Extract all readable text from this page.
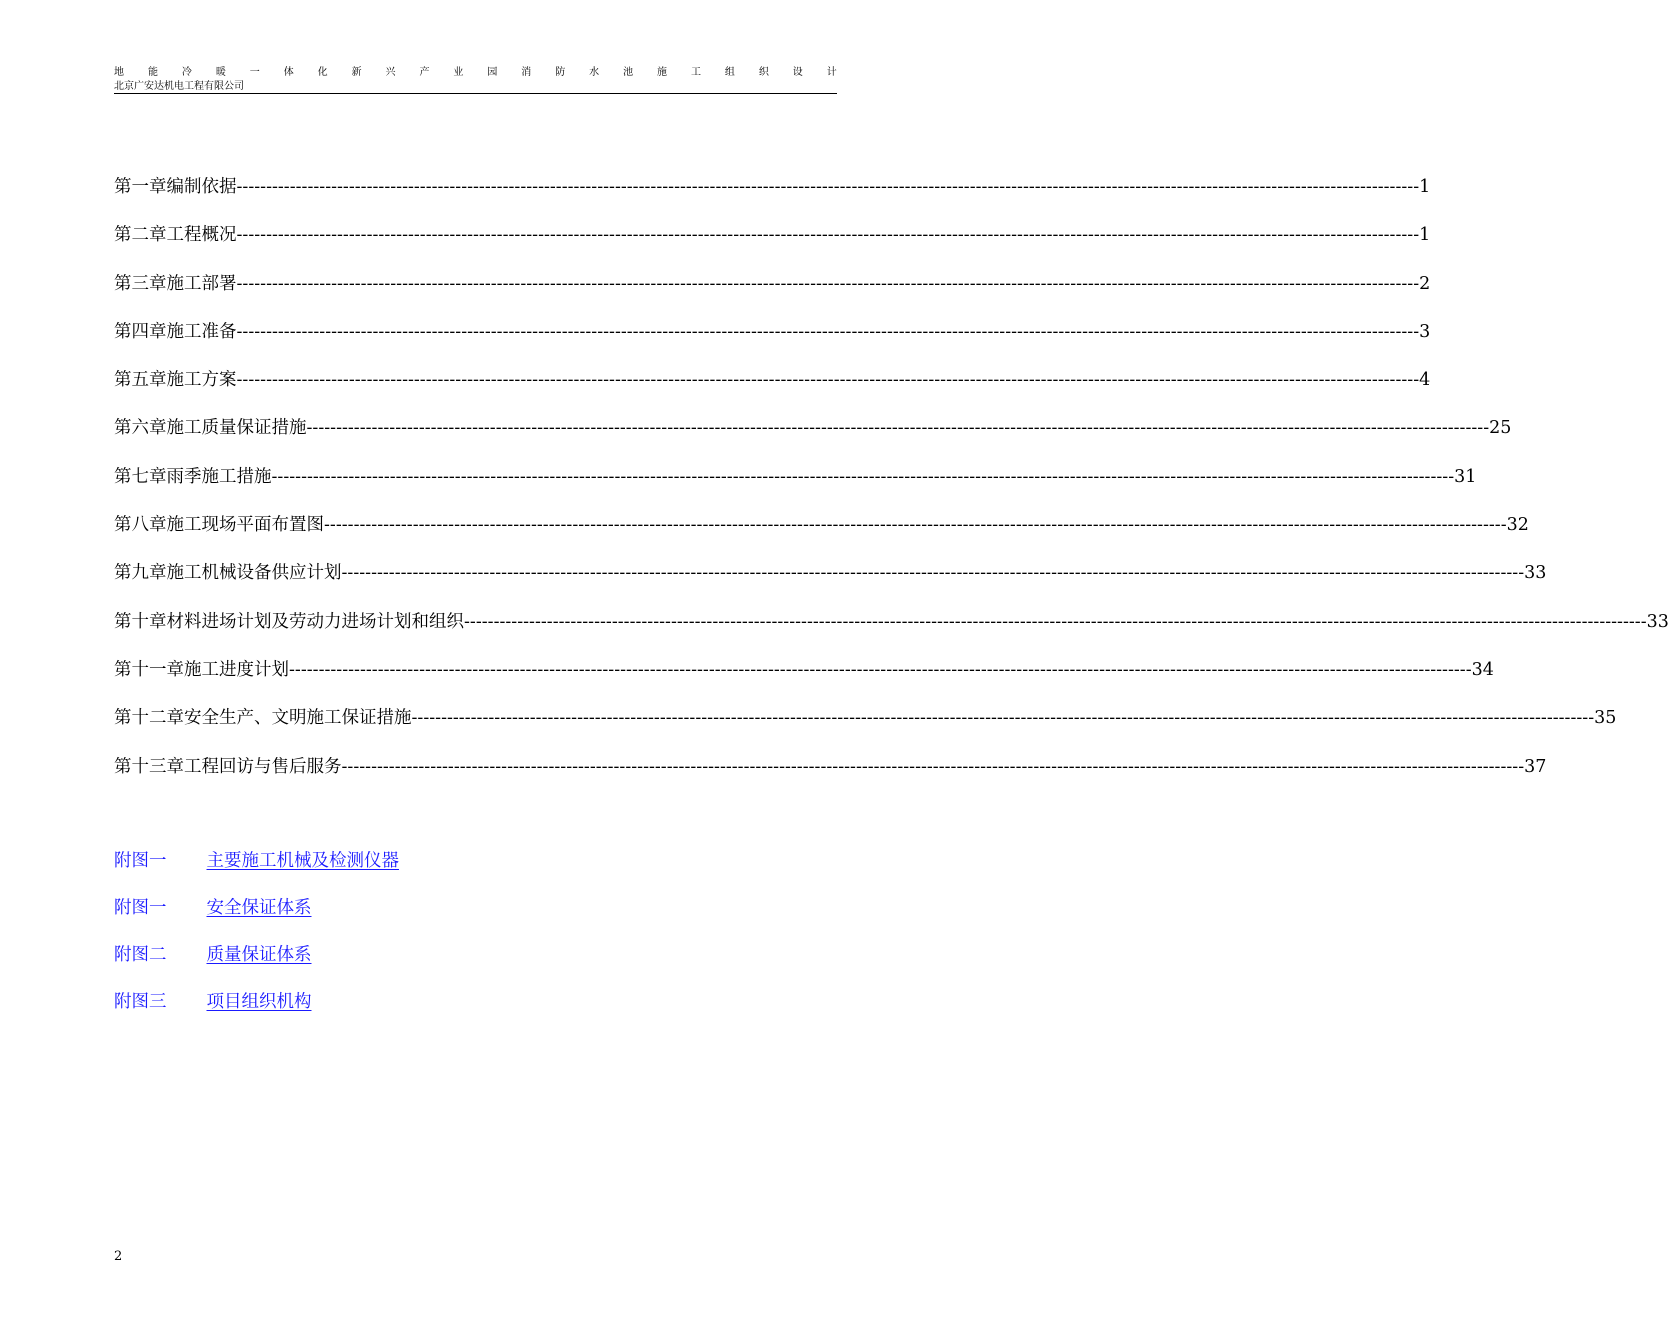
地 能 冷 暖 一 体 化 新 兴 产 业 园 消 防 水 池 施 工 组 织 设 计
北京广安达机电工程有限公司
第一章 编制依据 -------------------------------------------------------------------------------------------------------------------------------------------------------------------------------------------------------- 1
第二章 工程概况 -------------------------------------------------------------------------------------------------------------------------------------------------------------------------------------------------------- 1
第三章 施工部署 -------------------------------------------------------------------------------------------------------------------------------------------------------------------------------------------------------- 2
第四章 施工准备 -------------------------------------------------------------------------------------------------------------------------------------------------------------------------------------------------------- 3
第五章 施工方案 -------------------------------------------------------------------------------------------------------------------------------------------------------------------------------------------------------- 4
第六章 施工质量保证措施 -------------------------------------------------------------------------------------------------------------------------------------------------------------------------------------------------------- 25
第七章 雨季施工措施 -------------------------------------------------------------------------------------------------------------------------------------------------------------------------------------------------------- 31
第八章 施工现场平面布置图 -------------------------------------------------------------------------------------------------------------------------------------------------------------------------------------------------------- 32
第九章 施工机械设备供应计划 -------------------------------------------------------------------------------------------------------------------------------------------------------------------------------------------------------- 33
第十章 材料进场计划及劳动力进场计划和组织 -------------------------------------------------------------------------------------------------------------------------------------------------------------------------------------------------------- 33
第十一章 施工进度计划 -------------------------------------------------------------------------------------------------------------------------------------------------------------------------------------------------------- 34
第十二章 安全生产、文明施工保证措施 -------------------------------------------------------------------------------------------------------------------------------------------------------------------------------------------------------- 35
第十三章 工程回访与售后服务 -------------------------------------------------------------------------------------------------------------------------------------------------------------------------------------------------------- 37
附图一 主要施工机械及检测仪器
附图一 安全保证体系
附图二 质量保证体系
附图三 项目组织机构
2
